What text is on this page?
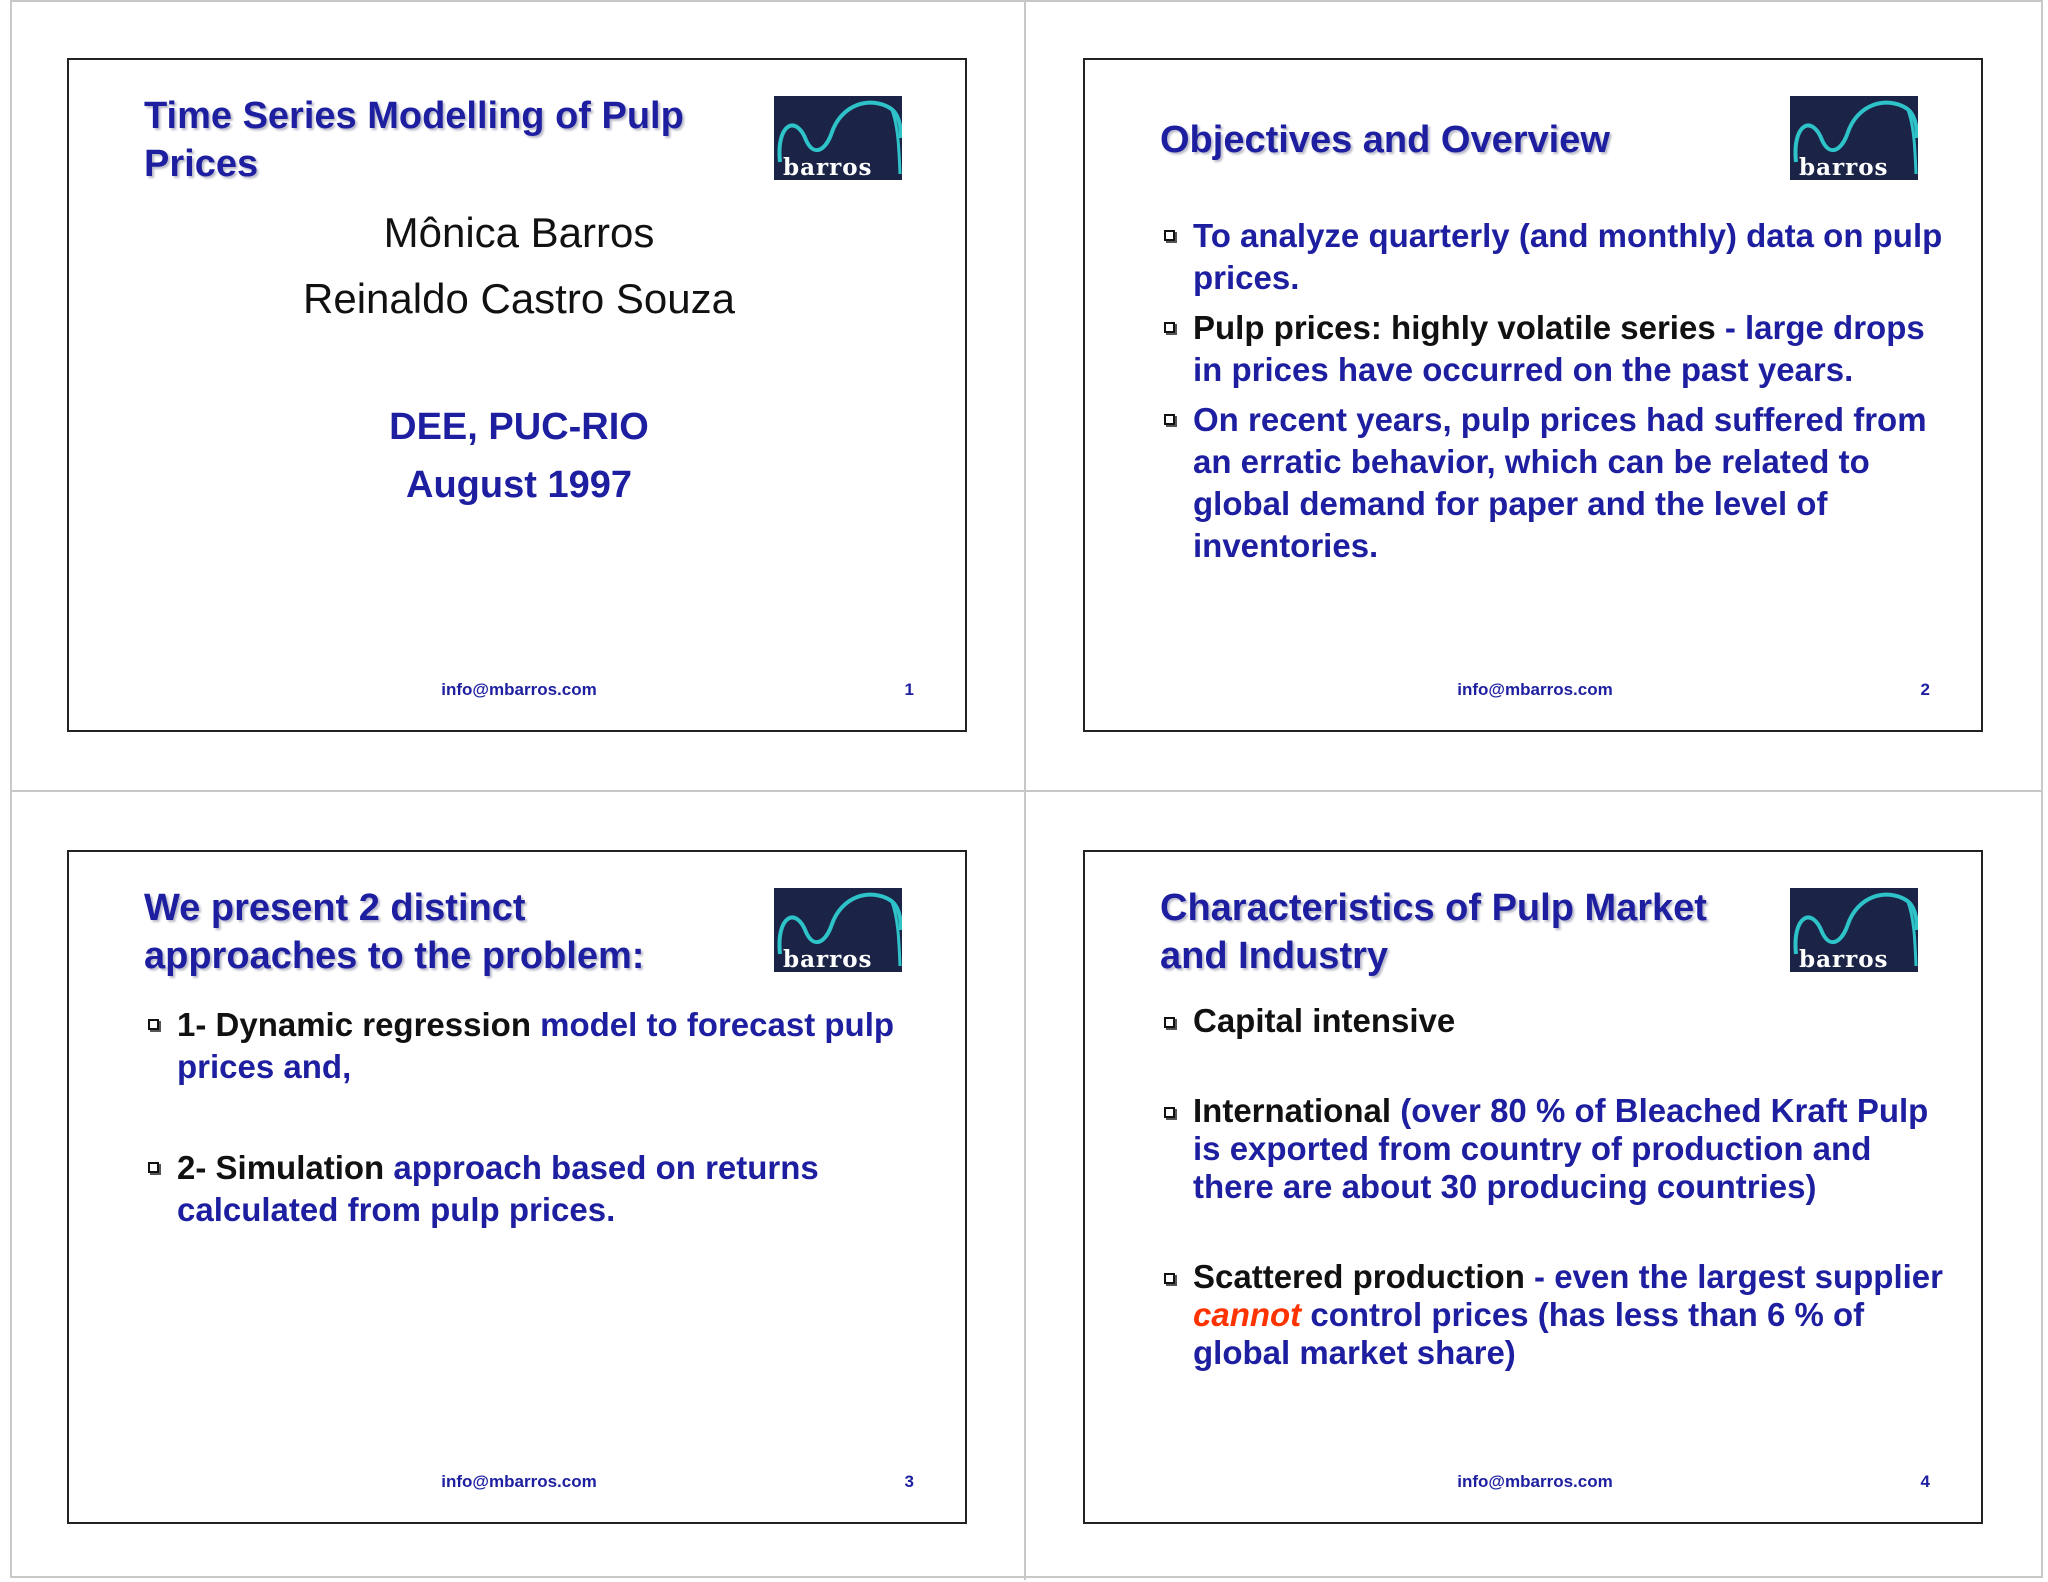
Time Series Modelling of Pulp Prices	barros
Mônica Barros
Reinaldo Castro Souza
DEE, PUC-RIO
August 1997
info@mbarros.com	1
Objectives and Overview
barros
To analyze quarterly (and monthly) data on pulp prices.
Pulp prices: highly volatile series - large drops in prices have occurred on the past years.
On recent years, pulp prices had suffered from an erratic behavior, which can be related to global demand for paper and the level of inventories.
info@mbarros.com	2
We present 2 distinct approaches to the problem:	barros
1- Dynamic regression model to forecast pulp prices and,
2- Simulation approach based on returns calculated from pulp prices.
info@mbarros.com	3
Characteristics of Pulp Market and Industry	barros
Capital intensive
International (over 80 % of Bleached Kraft Pulp is exported from country of production and there are about 30 producing countries)
Scattered production - even the largest supplier cannot control prices (has less than 6 % of global market share)
info@mbarros.com	4
